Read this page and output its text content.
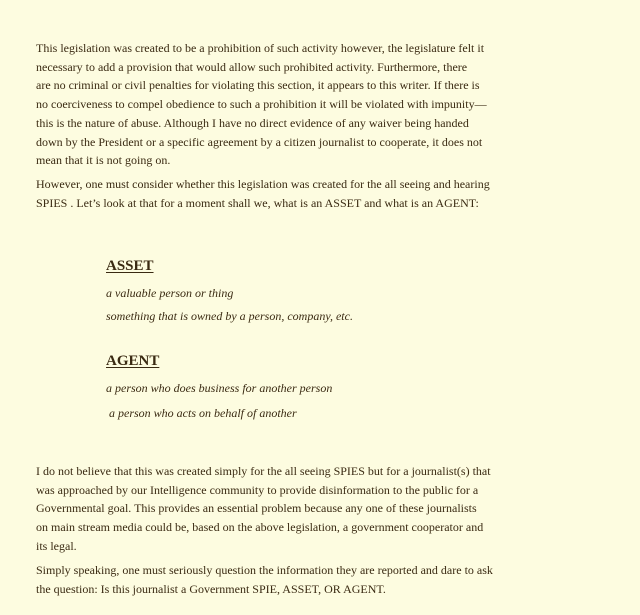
This legislation was created to be a prohibition of such activity however, the legislature felt it
necessary to add a provision that would allow such prohibited activity. Furthermore, there
are no criminal or civil penalties for violating this section, it appears to this writer. If there is
no coerciveness to compel obedience to such a prohibition it will be violated with impunity—
this is the nature of abuse. Although I have no direct evidence of any waiver being handed
down by the President or a specific agreement by a citizen journalist to cooperate, it does not
mean that it is not going on.

However, one must consider whether this legislation was created for the all seeing and hearing
SPIES . Let’s look at that for a moment shall we, what is an ASSET and what is an AGENT:

ASSET

a valuable person or thing

something that is owned by a person, company, etc.

AGENT

a person who does business for another person

a person who acts on behalf of another

I do not believe that this was created simply for the all seeing SPIES but for a journalist(s) that
was approached by our Intelligence community to provide disinformation to the public for a
Governmental goal. This provides an essential problem because any one of these journalists
on main stream media could be, based on the above legislation, a government cooperator and
its legal.

Simply speaking, one must seriously question the information they are reported and dare to ask
the question: Is this journalist a Government SPIE, ASSET, OR AGENT.
